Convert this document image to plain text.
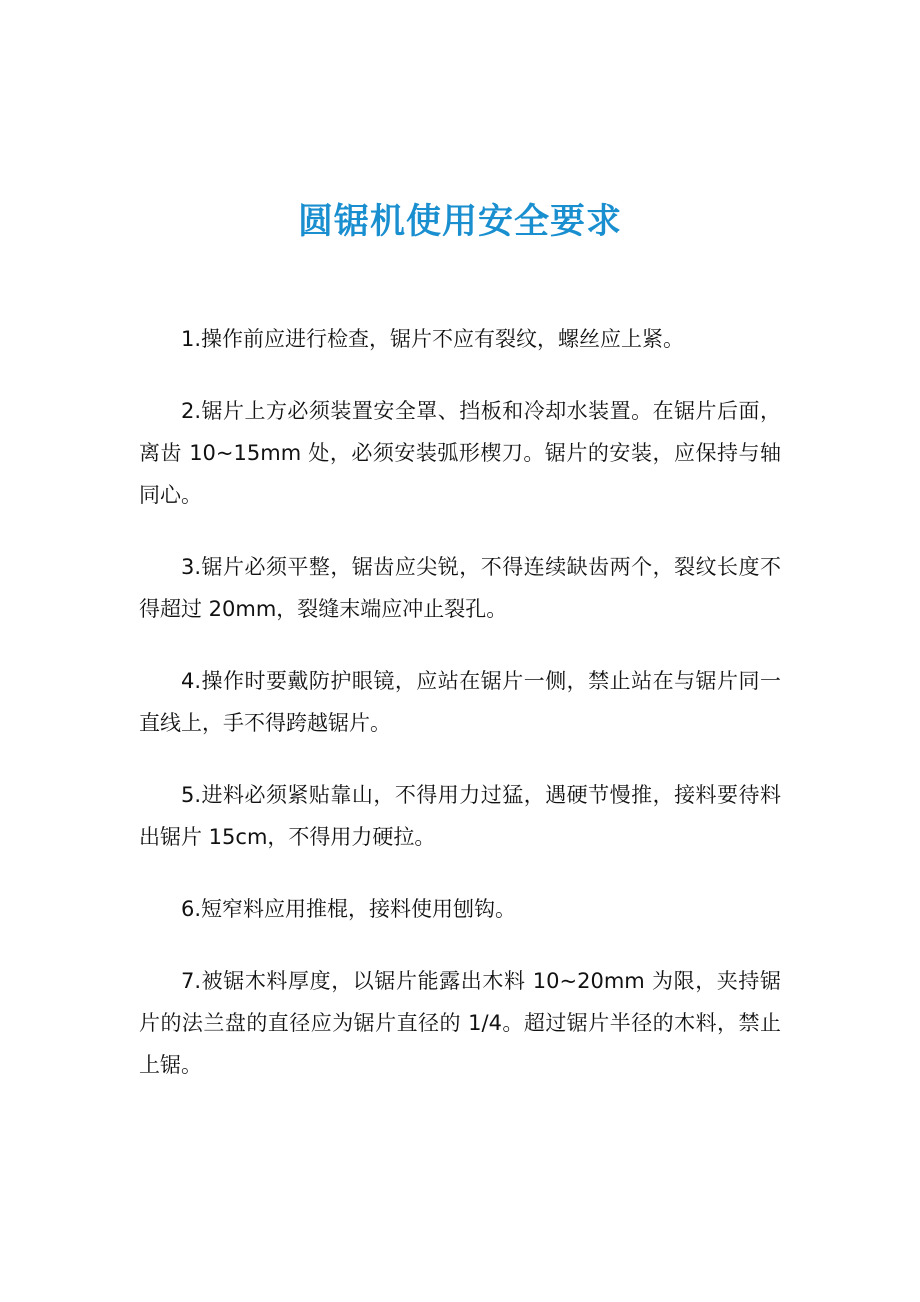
圆锯机使用安全要求

1.操作前应进行检查，锯片不应有裂纹，螺丝应上紧。

2.锯片上方必须装置安全罩、挡板和冷却水装置。在锯片后面，离齿 10~15mm 处，必须安装弧形楔刀。锯片的安装，应保持与轴同心。

3.锯片必须平整，锯齿应尖锐，不得连续缺齿两个，裂纹长度不得超过 20mm，裂缝末端应冲止裂孔。

4.操作时要戴防护眼镜，应站在锯片一侧，禁止站在与锯片同一直线上，手不得跨越锯片。

5.进料必须紧贴靠山，不得用力过猛，遇硬节慢推，接料要待料出锯片 15cm，不得用力硬拉。

6.短窄料应用推棍，接料使用刨钩。

7.被锯木料厚度，以锯片能露出木料 10~20mm 为限，夹持锯片的法兰盘的直径应为锯片直径的 1/4。超过锯片半径的木料，禁止上锯。
